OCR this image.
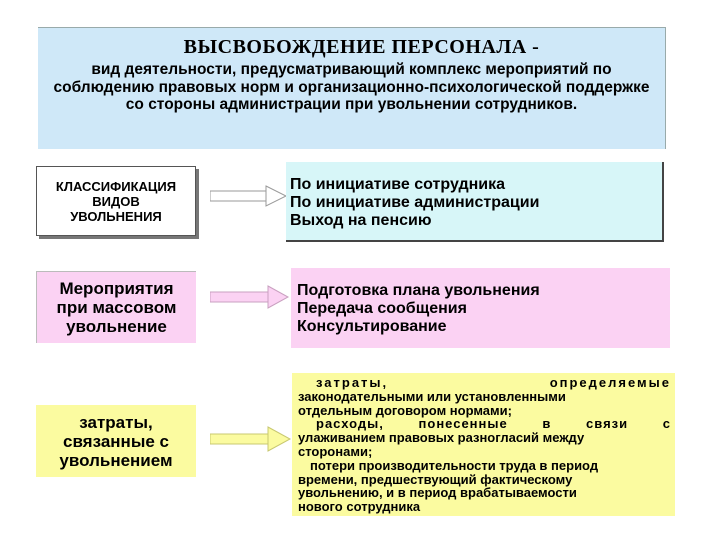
ВЫСВОБОЖДЕНИЕ ПЕРСОНАЛА -
вид деятельности, предусматривающий комплекс мероприятий по соблюдению правовых норм и организационно-психологической поддержке со стороны администрации при увольнении сотрудников.
КЛАССИФИКАЦИЯ
ВИДОВ
УВОЛЬНЕНИЯ
По инициативе сотрудника
По инициативе администрации
Выход на пенсию
Мероприятия
при массовом
увольнение
Подготовка плана увольнения
Передача сообщения
Консультирование
затраты,
связанные с
увольнением
затраты, определяемые
законодательными или установленными
отдельным договором нормами;
расходы, понесенные в связи с
улаживанием правовых разногласий между
сторонами;
потери производительности труда в период
времени, предшествующий фактическому
увольнению, и в период врабатываемости
нового сотрудника
